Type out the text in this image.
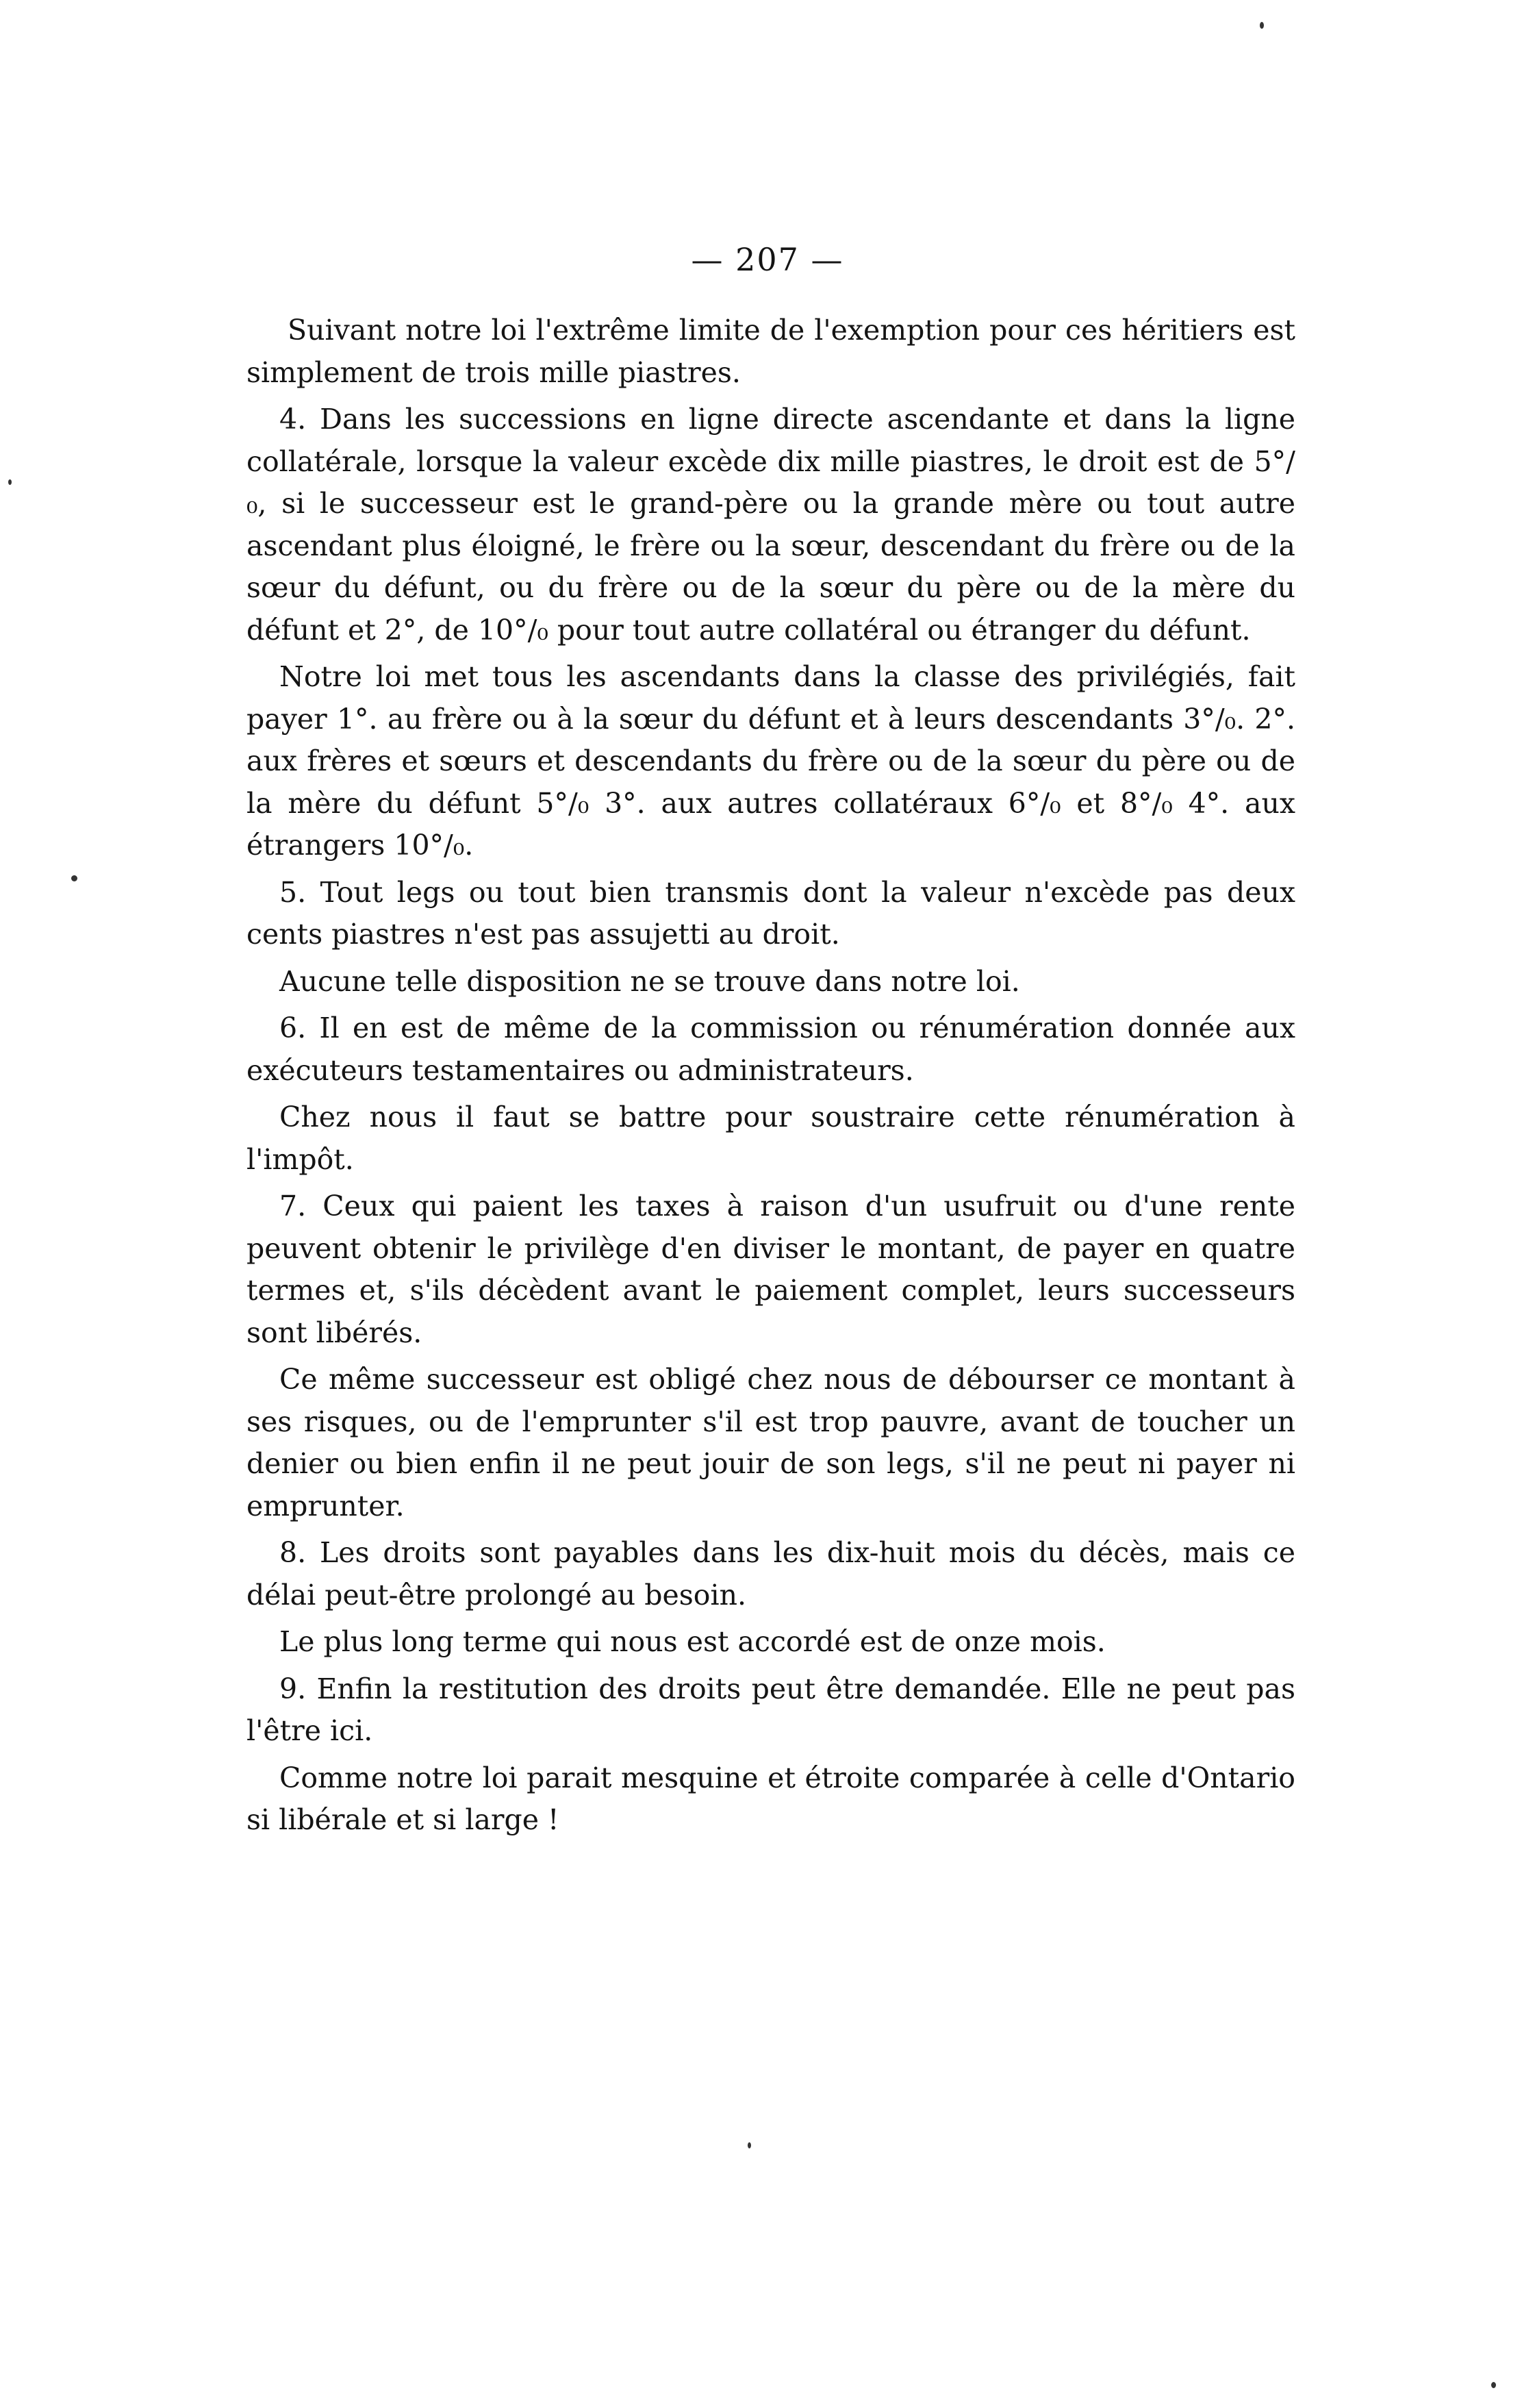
— 207 —

Suivant notre loi l'extrême limite de l'exemption pour ces héritiers est simplement de trois mille piastres.

4. Dans les successions en ligne directe ascendante et dans la ligne collatérale, lorsque la valeur excède dix mille piastres, le droit est de 5°/₀, si le successeur est le grand-père ou la grande mère ou tout autre ascendant plus éloigné, le frère ou la sœur, descendant du frère ou de la sœur du défunt, ou du frère ou de la sœur du père ou de la mère du défunt et 2°, de 10°/₀ pour tout autre collatéral ou étranger du défunt.

Notre loi met tous les ascendants dans la classe des privilégiés, fait payer 1°. au frère ou à la sœur du défunt et à leurs descendants 3°/₀. 2°. aux frères et sœurs et descendants du frère ou de la sœur du père ou de la mère du défunt 5°/₀ 3°. aux autres collatéraux 6°/₀ et 8°/₀ 4°. aux étrangers 10°/₀.

5. Tout legs ou tout bien transmis dont la valeur n'excède pas deux cents piastres n'est pas assujetti au droit.

Aucune telle disposition ne se trouve dans notre loi.

6. Il en est de même de la commission ou rénumération donnée aux exécuteurs testamentaires ou administrateurs.

Chez nous il faut se battre pour soustraire cette rénumération à l'impôt.

7. Ceux qui paient les taxes à raison d'un usufruit ou d'une rente peuvent obtenir le privilège d'en diviser le montant, de payer en quatre termes et, s'ils décèdent avant le paiement complet, leurs successeurs sont libérés.

Ce même successeur est obligé chez nous de débourser ce montant à ses risques, ou de l'emprunter s'il est trop pauvre, avant de toucher un denier ou bien enfin il ne peut jouir de son legs, s'il ne peut ni payer ni emprunter.

8. Les droits sont payables dans les dix-huit mois du décès, mais ce délai peut-être prolongé au besoin.

Le plus long terme qui nous est accordé est de onze mois.

9. Enfin la restitution des droits peut être demandée. Elle ne peut pas l'être ici.

Comme notre loi parait mesquine et étroite comparée à celle d'Ontario si libérale et si large !
